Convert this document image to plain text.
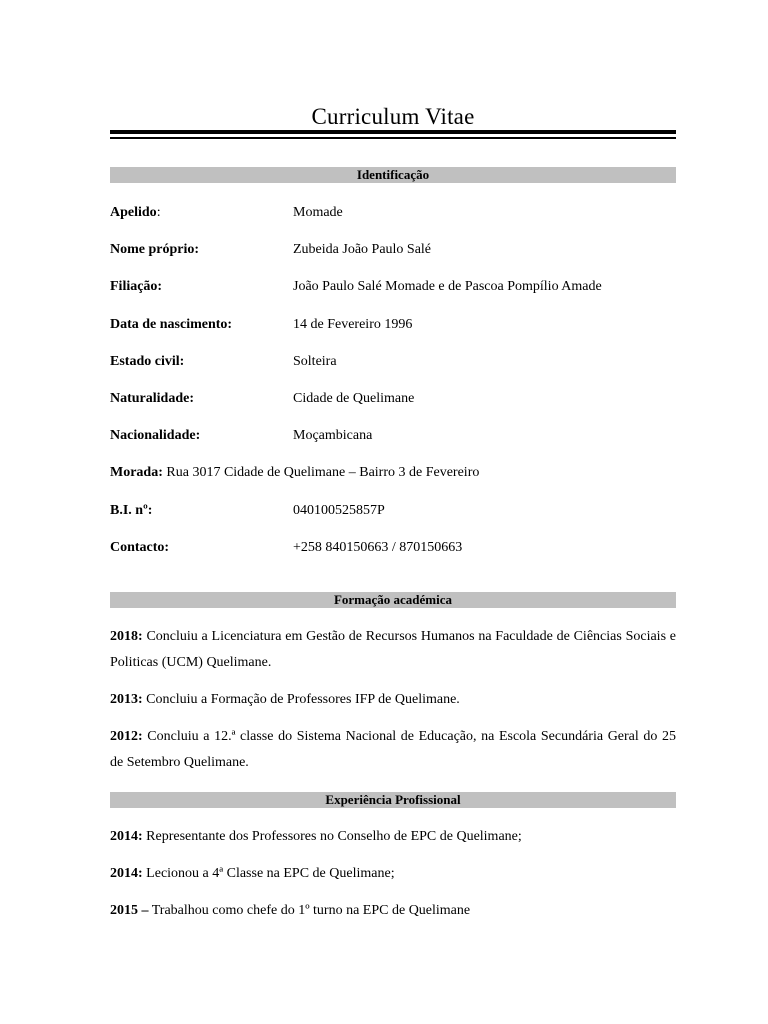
Curriculum Vitae
Identificação
Apelido:	Momade
Nome próprio:	Zubeida João Paulo Salé
Filiação:	João Paulo Salé Momade e de Pascoa Pompílio Amade
Data de nascimento:	14 de Fevereiro 1996
Estado civil:	Solteira
Naturalidade:	Cidade de Quelimane
Nacionalidade:	Moçambicana
Morada: Rua 3017 Cidade de Quelimane – Bairro 3 de Fevereiro
B.I. nº:	040100525857P
Contacto:	+258 840150663 / 870150663
Formação académica

2018: Concluiu a Licenciatura em Gestão de Recursos Humanos na Faculdade de Ciências Sociais e Politicas (UCM) Quelimane.

2013: Concluiu a Formação de Professores IFP de Quelimane.

2012: Concluiu a 12.ª classe do Sistema Nacional de Educação, na Escola Secundária Geral do 25 de Setembro Quelimane.

Experiência Profissional

2014: Representante dos Professores no Conselho de EPC de Quelimane;

2014: Lecionou a 4ª Classe na EPC de Quelimane;

2015 – Trabalhou como chefe do 1º turno na EPC de Quelimane
